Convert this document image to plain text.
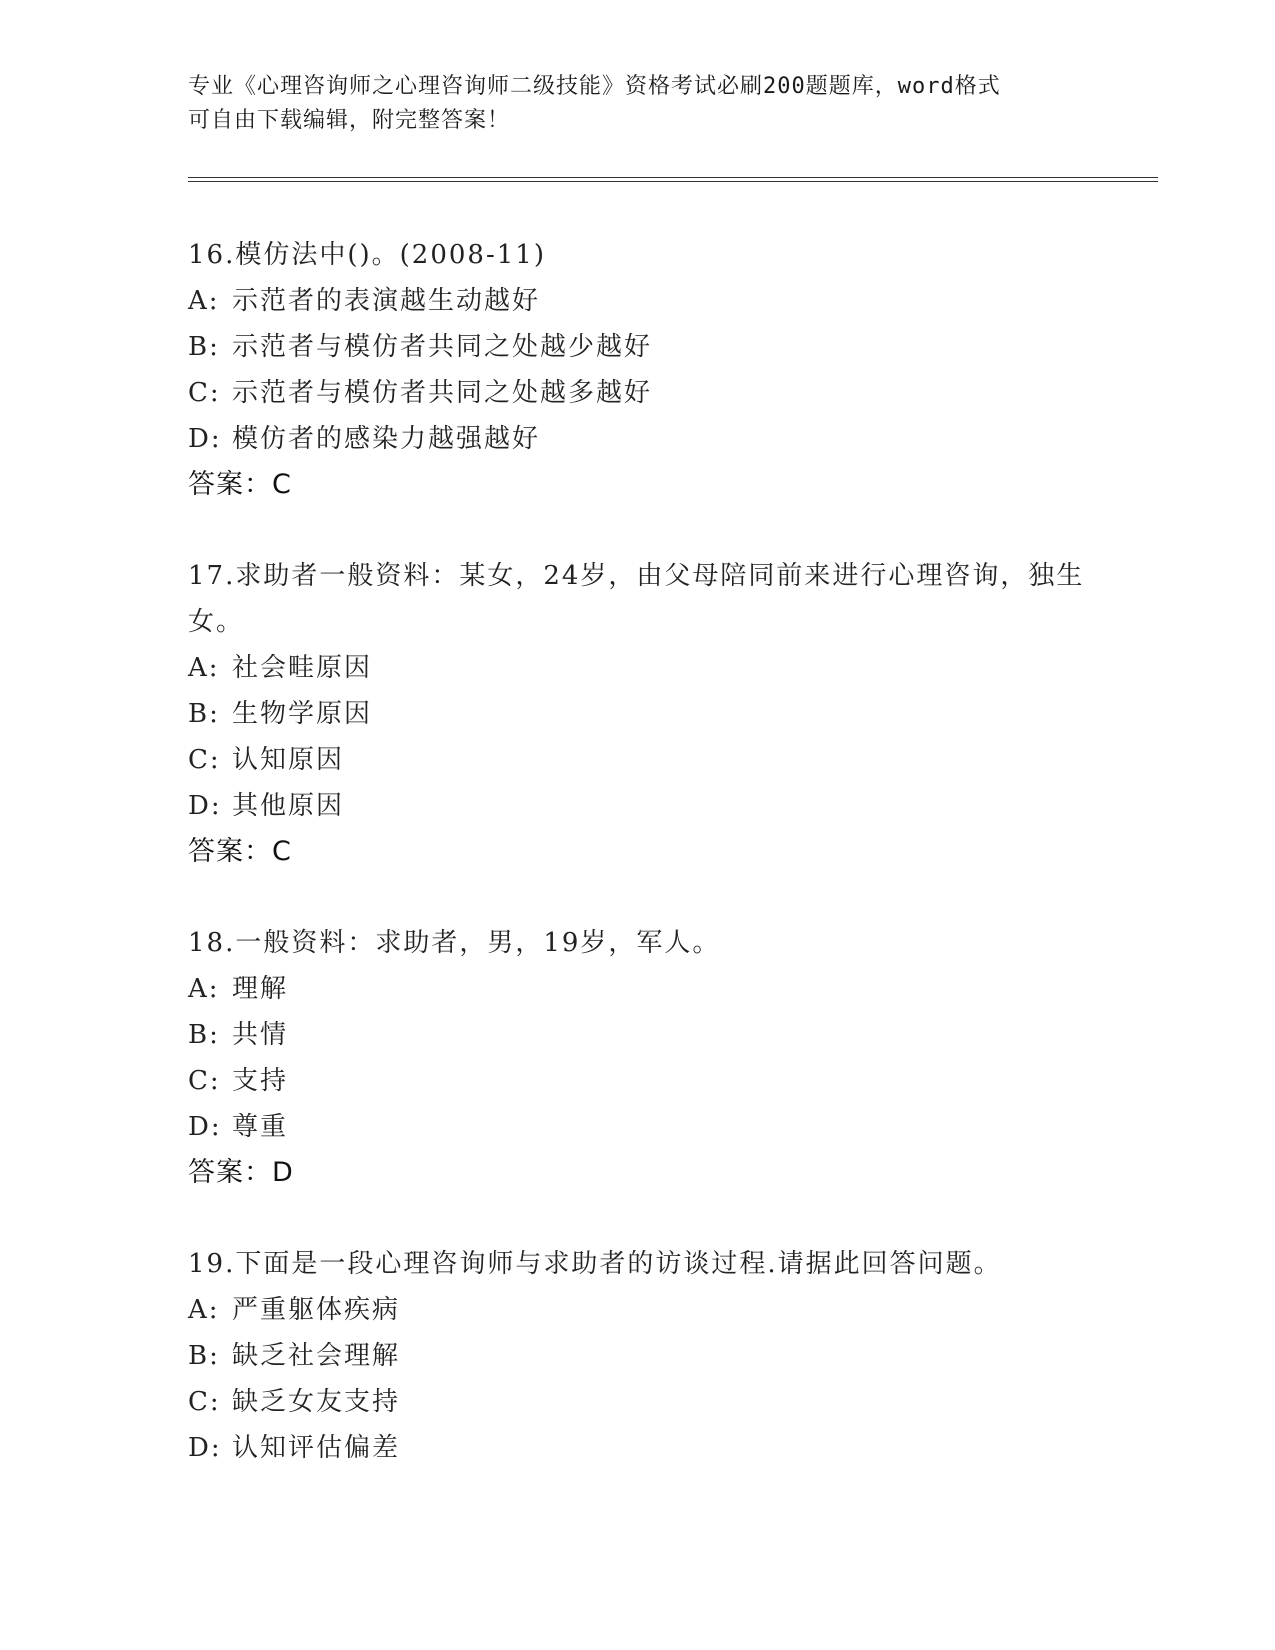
专业《心理咨询师之心理咨询师二级技能》资格考试必刷200题题库，word格式
可自由下载编辑，附完整答案！
16.模仿法中()。(2008-11)
A: 示范者的表演越生动越好
B: 示范者与模仿者共同之处越少越好
C: 示范者与模仿者共同之处越多越好
D: 模仿者的感染力越强越好
答案：C
17.求助者一般资料：某女，24岁，由父母陪同前来进行心理咨询，独生女。
A: 社会畦原因
B: 生物学原因
C: 认知原因
D: 其他原因
答案：C
18.一般资料：求助者，男，19岁，军人。
A: 理解
B: 共情
C: 支持
D: 尊重
答案：D
19.下面是一段心理咨询师与求助者的访谈过程.请据此回答问题。
A: 严重躯体疾病
B: 缺乏社会理解
C: 缺乏女友支持
D: 认知评估偏差
